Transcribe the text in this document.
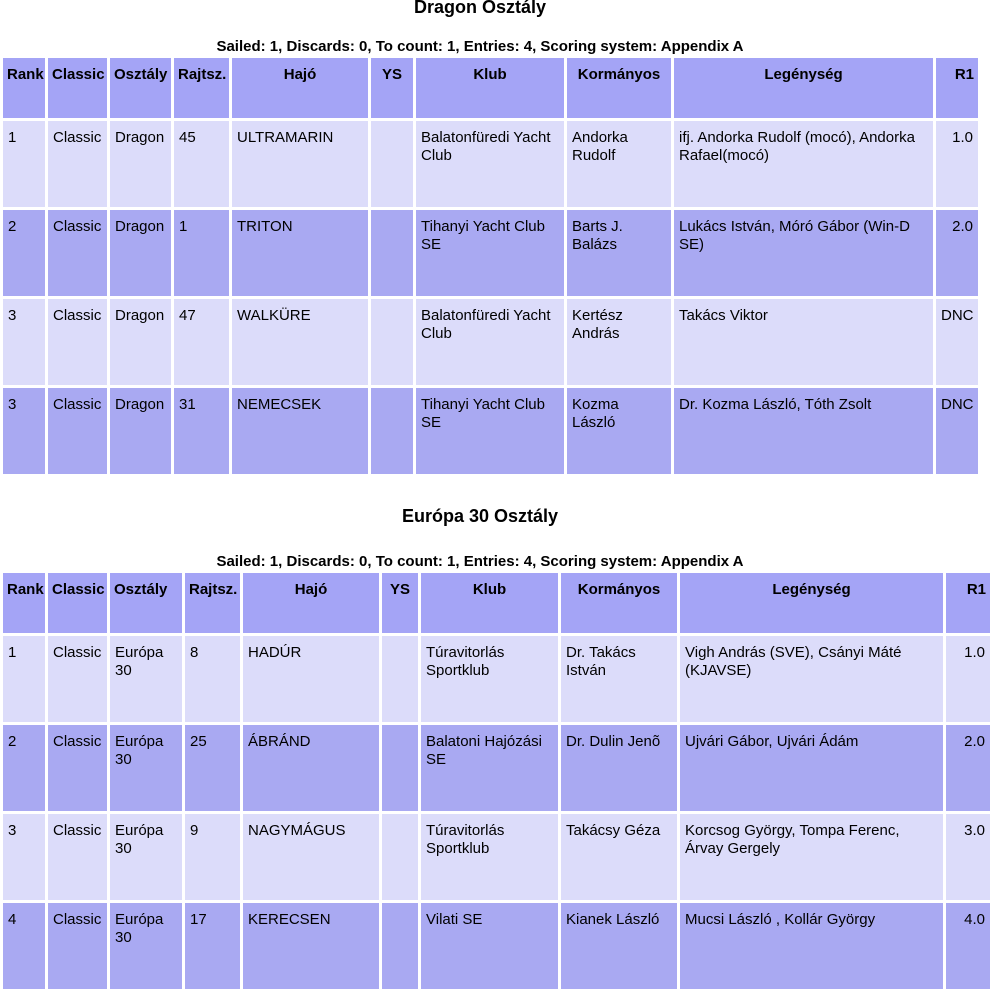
Dragon Osztály
Sailed: 1, Discards: 0, To count: 1, Entries: 4, Scoring system: Appendix A
Rank	Classic	Osztály	Rajtsz.	Hajó	YS	Klub	Kormányos	Legénység	R1
1	Classic	Dragon	45	ULTRAMARIN		Balatonfüredi Yacht Club	Andorka Rudolf	ifj. Andorka Rudolf (mocó), Andorka Rafael(mocó)	1.0
2	Classic	Dragon	1	TRITON		Tihanyi Yacht Club SE	Barts J. Balázs	Lukács István, Móró Gábor (Win-D SE)	2.0
3	Classic	Dragon	47	WALKÜRE		Balatonfüredi Yacht Club	Kertész András	Takács Viktor	DNC
3	Classic	Dragon	31	NEMECSEK		Tihanyi Yacht Club SE	Kozma László	Dr. Kozma László, Tóth Zsolt	DNC
Európa 30 Osztály
Sailed: 1, Discards: 0, To count: 1, Entries: 4, Scoring system: Appendix A
Rank	Classic	Osztály	Rajtsz.	Hajó	YS	Klub	Kormányos	Legénység	R1
1	Classic	Európa 30	8	HADÚR		Túravitorlás Sportklub	Dr. Takács István	Vigh András (SVE), Csányi Máté (KJAVSE)	1.0
2	Classic	Európa 30	25	ÁBRÁND		Balatoni Hajózási SE	Dr. Dulin Jenõ	Ujvári Gábor, Ujvári Ádám	2.0
3	Classic	Európa 30	9	NAGYMÁGUS		Túravitorlás Sportklub	Takácsy Géza	Korcsog György, Tompa Ferenc, Árvay Gergely	3.0
4	Classic	Európa 30	17	KERECSEN		Vilati SE	Kianek László	Mucsi László , Kollár György	4.0
